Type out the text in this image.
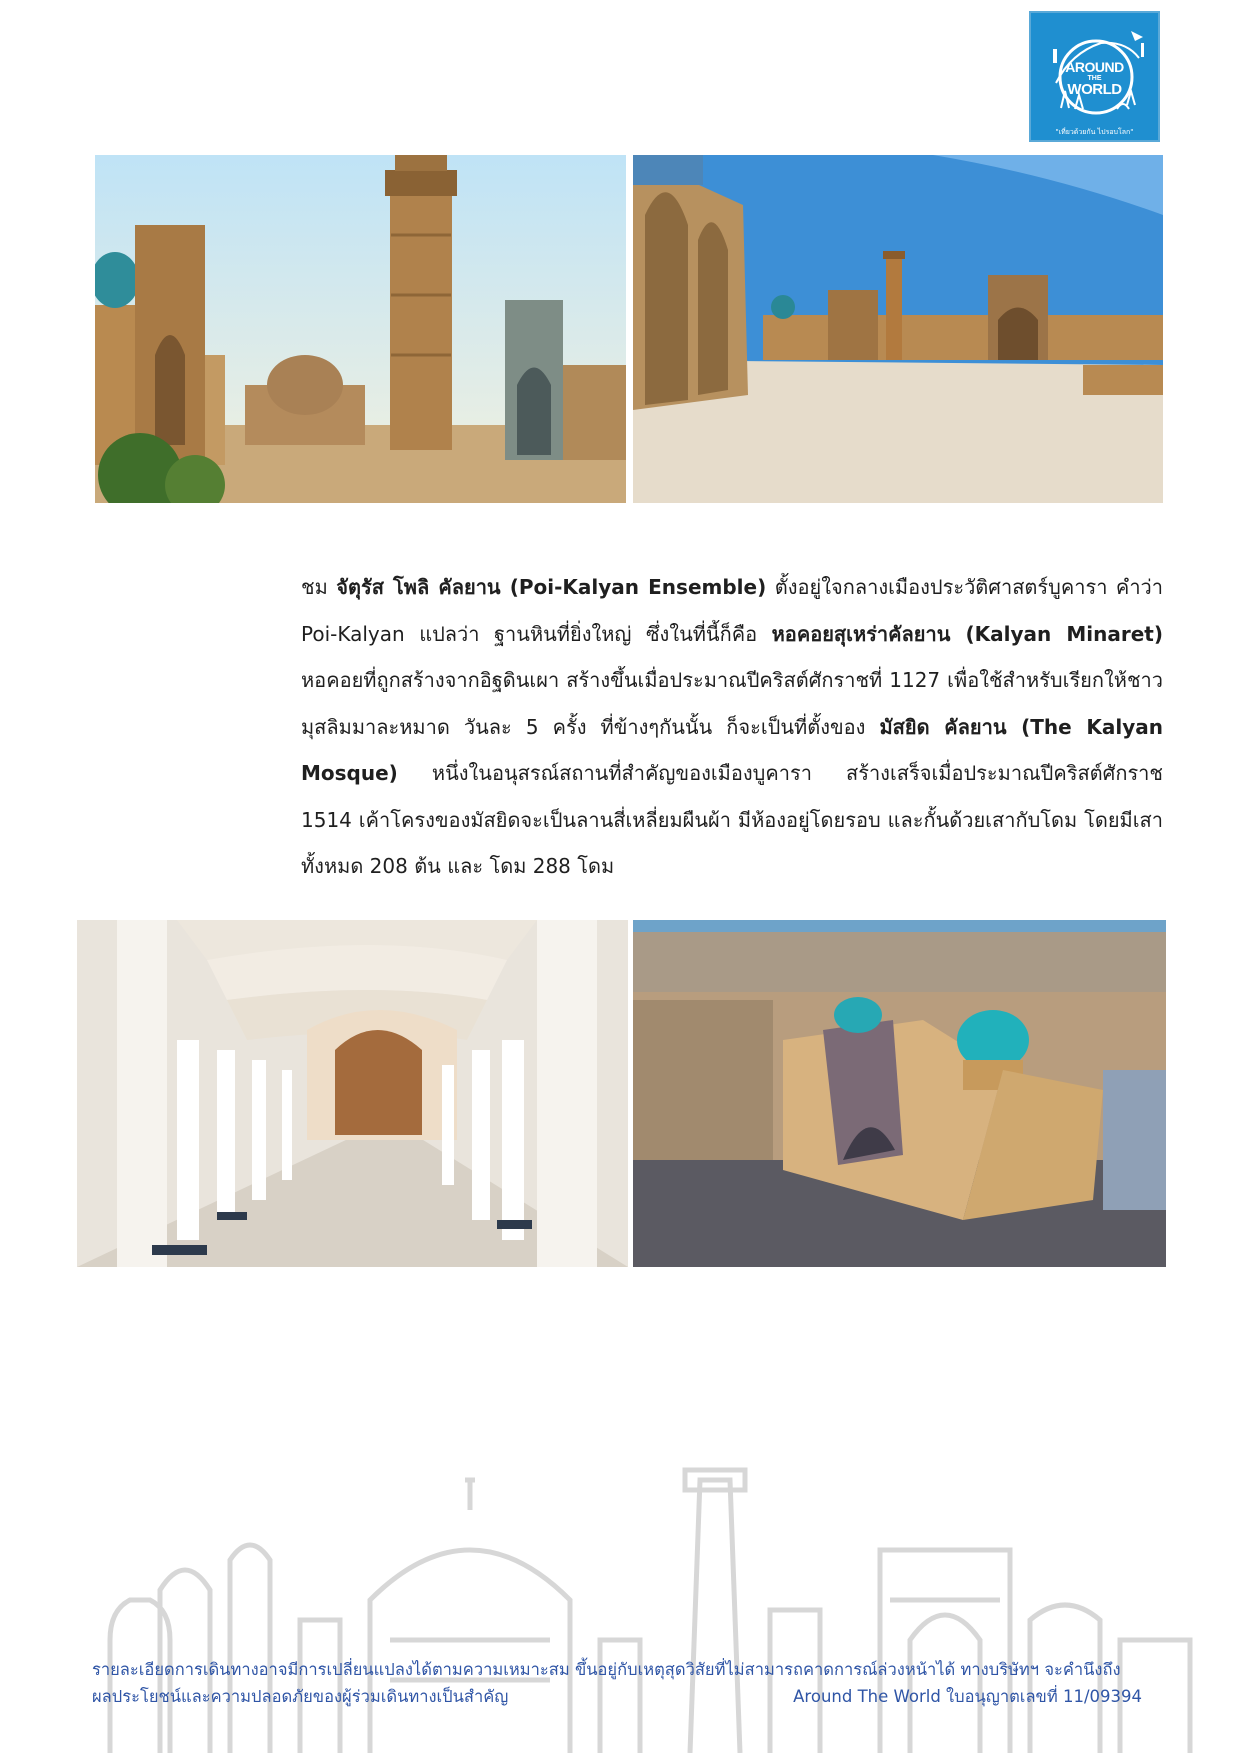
AROUND
THE
WORLD
"เที่ยวด้วยกัน ไปรอบโลก"

ชม จัตุรัส โพลิ คัลยาน (Poi-Kalyan Ensemble) ตั้งอยู่ใจกลางเมืองประวัติศาสตร์บูคารา คำว่า Poi-Kalyan แปลว่า ฐานหินที่ยิ่งใหญ่ ซึ่งในที่นี้ก็คือ หอคอยสุเหร่าคัลยาน (Kalyan Minaret) หอคอยที่ถูกสร้างจากอิฐดินเผา สร้างขึ้นเมื่อประมาณปีคริสต์ศักราชที่ 1127 เพื่อใช้สำหรับเรียกให้ชาวมุสลิมมาละหมาด วันละ 5 ครั้ง ที่ข้างๆกันนั้น ก็จะเป็นที่ตั้งของ มัสยิด คัลยาน (The Kalyan Mosque) หนึ่งในอนุสรณ์สถานที่สำคัญของเมืองบูคารา สร้างเสร็จเมื่อประมาณปีคริสต์ศักราช 1514 เค้าโครงของมัสยิดจะเป็นลานสี่เหลี่ยมผืนผ้า มีห้องอยู่โดยรอบ และกั้นด้วยเสากับโดม โดยมีเสาทั้งหมด 208 ต้น และ โดม 288 โดม

รายละเอียดการเดินทางอาจมีการเปลี่ยนแปลงได้ตามความเหมาะสม ขึ้นอยู่กับเหตุสุดวิสัยที่ไม่สามารถคาดการณ์ล่วงหน้าได้ ทางบริษัทฯ จะคำนึงถึง
ผลประโยชน์และความปลอดภัยของผู้ร่วมเดินทางเป็นสำคัญ	Around The World ใบอนุญาตเลขที่ 11/09394
